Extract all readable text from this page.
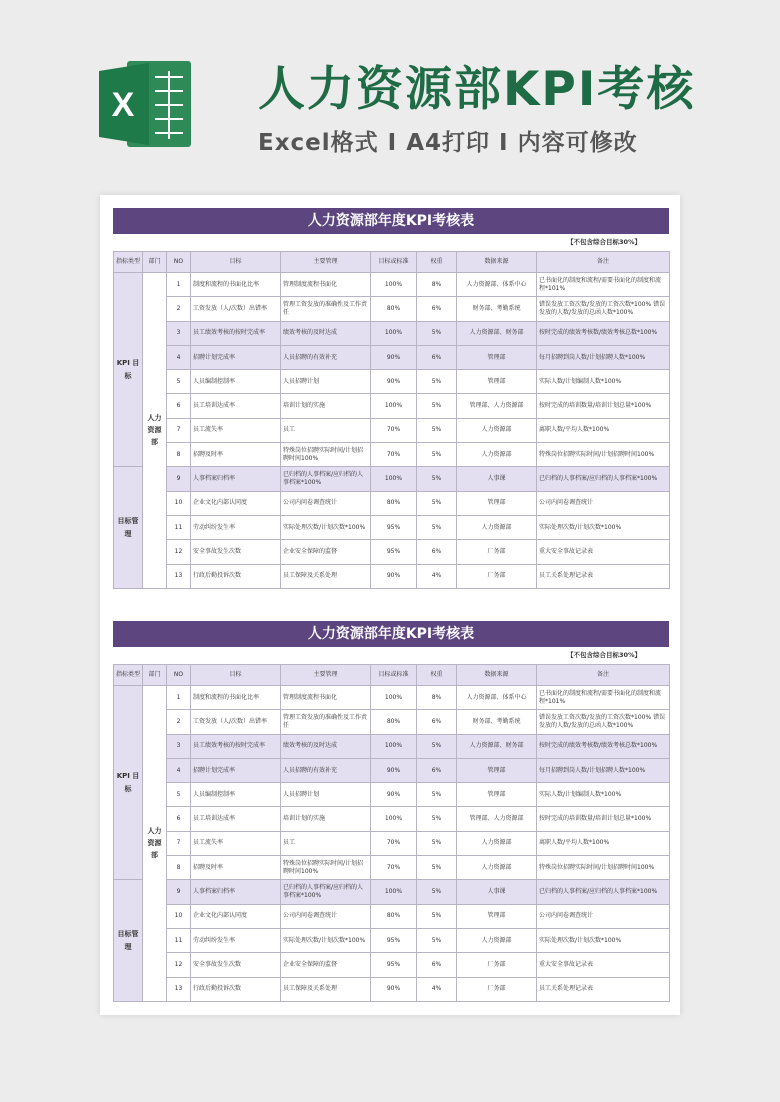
X	人力资源部KPI考核
Excel格式 I A4打印 I 内容可修改
人力资源部年度KPI考核表
【不包含综合目标30%】
指标类型	部门	NO	目标	主要管理	目标或标准	权重	数据来源	备注
KPI 目标	人力资源部	1	制度和流程的书面化比率	管理制度流程书面化	100%	8%	人力资源部、体系中心	已书面化的制度和流程/需要书面化的制度和流程*101%
		2	工资发放（人/次数）出错率	管理工资发放的准确性及工作责任	80%	6%	财务部、考勤系统	错误发放工资次数/发放的工资次数*100% 错误发放的人数/发放的总函人数*100%
		3	员工绩效考核的按时完成率	绩效考核的及时达成	100%	5%	人力资源部、财务部	按时完成的绩效考核数/绩效考核总数*100%
		4	招聘计划完成率	人员招聘的有效补充	90%	6%	管理部	每月招聘到岗人数/计划招聘人数*100%
		5	人员编制控制率	人员招聘计划	90%	5%	管理部	实际人数/计划编制人数*100%
		6	员工培训达成率	培训计划的实施	100%	5%	管理部、人力资源部	按时完成的培训数量/培训计划总量*100%
		7	员工流失率	员工	70%	5%	人力资源部	离职人数/平均人数*100%
		8	招聘及时率	特殊岗位招聘实际时间/计划招聘时间100%	70%	5%	人力资源部	特殊岗位招聘实际时间/计划招聘时间100%
目标管理		9	人事档案归档率	已归档的人事档案/应归档的人事档案*100%	100%	5%	人事课	已归档的人事档案/应归档的人事档案*100%
		10	企业文化内部认同度	公司内问卷调查统计	80%	5%	管理部	公司内问卷调查统计
		11	劳动纠纷发生率	实际处理次数/计划次数*100%	95%	5%	人力资源部	实际处理次数/计划次数*100%
		12	安全事故发生次数	企业安全保障的监督	95%	6%	厂务部	重大安全事故记录表
		13	行政后勤投诉次数	员工保障及关系处理	90%	4%	厂务部	员工关系处理记录表
人力资源部年度KPI考核表
【不包含综合目标30%】
指标类型	部门	NO	目标	主要管理	目标或标准	权重	数据来源	备注
KPI 目标	人力资源部	1	制度和流程的书面化比率	管理制度流程书面化	100%	8%	人力资源部、体系中心	已书面化的制度和流程/需要书面化的制度和流程*101%
		2	工资发放（人/次数）出错率	管理工资发放的准确性及工作责任	80%	6%	财务部、考勤系统	错误发放工资次数/发放的工资次数*100% 错误发放的人数/发放的总函人数*100%
		3	员工绩效考核的按时完成率	绩效考核的及时达成	100%	5%	人力资源部、财务部	按时完成的绩效考核数/绩效考核总数*100%
		4	招聘计划完成率	人员招聘的有效补充	90%	6%	管理部	每月招聘到岗人数/计划招聘人数*100%
		5	人员编制控制率	人员招聘计划	90%	5%	管理部	实际人数/计划编制人数*100%
		6	员工培训达成率	培训计划的实施	100%	5%	管理部、人力资源部	按时完成的培训数量/培训计划总量*100%
		7	员工流失率	员工	70%	5%	人力资源部	离职人数/平均人数*100%
		8	招聘及时率	特殊岗位招聘实际时间/计划招聘时间100%	70%	5%	人力资源部	特殊岗位招聘实际时间/计划招聘时间100%
目标管理		9	人事档案归档率	已归档的人事档案/应归档的人事档案*100%	100%	5%	人事课	已归档的人事档案/应归档的人事档案*100%
		10	企业文化内部认同度	公司内问卷调查统计	80%	5%	管理部	公司内问卷调查统计
		11	劳动纠纷发生率	实际处理次数/计划次数*100%	95%	5%	人力资源部	实际处理次数/计划次数*100%
		12	安全事故发生次数	企业安全保障的监督	95%	6%	厂务部	重大安全事故记录表
		13	行政后勤投诉次数	员工保障及关系处理	90%	4%	厂务部	员工关系处理记录表
